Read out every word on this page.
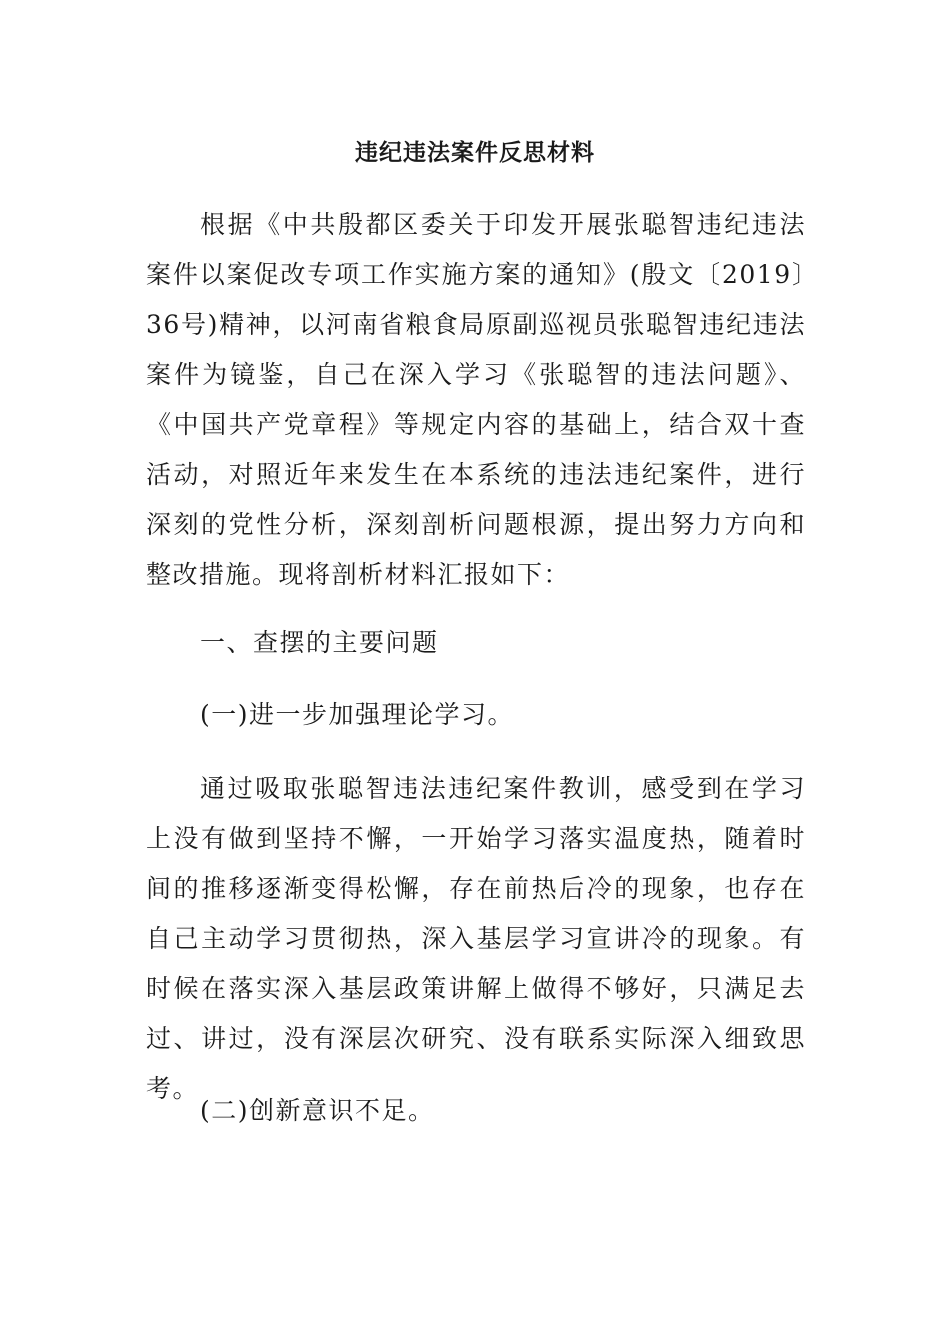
违纪违法案件反思材料

根据《中共殷都区委关于印发开展张聪智违纪违法案件以案促改专项工作实施方案的通知》(殷文〔2019〕36号)精神，以河南省粮食局原副巡视员张聪智违纪违法案件为镜鉴，自己在深入学习《张聪智的违法问题》、《中国共产党章程》等规定内容的基础上，结合双十查活动，对照近年来发生在本系统的违法违纪案件，进行深刻的党性分析，深刻剖析问题根源，提出努力方向和整改措施。现将剖析材料汇报如下：

一、查摆的主要问题

(一)进一步加强理论学习。

通过吸取张聪智违法违纪案件教训，感受到在学习上没有做到坚持不懈，一开始学习落实温度热，随着时间的推移逐渐变得松懈，存在前热后冷的现象，也存在自己主动学习贯彻热，深入基层学习宣讲冷的现象。有时候在落实深入基层政策讲解上做得不够好，只满足去过、讲过，没有深层次研究、没有联系实际深入细致思考。

(二)创新意识不足。
